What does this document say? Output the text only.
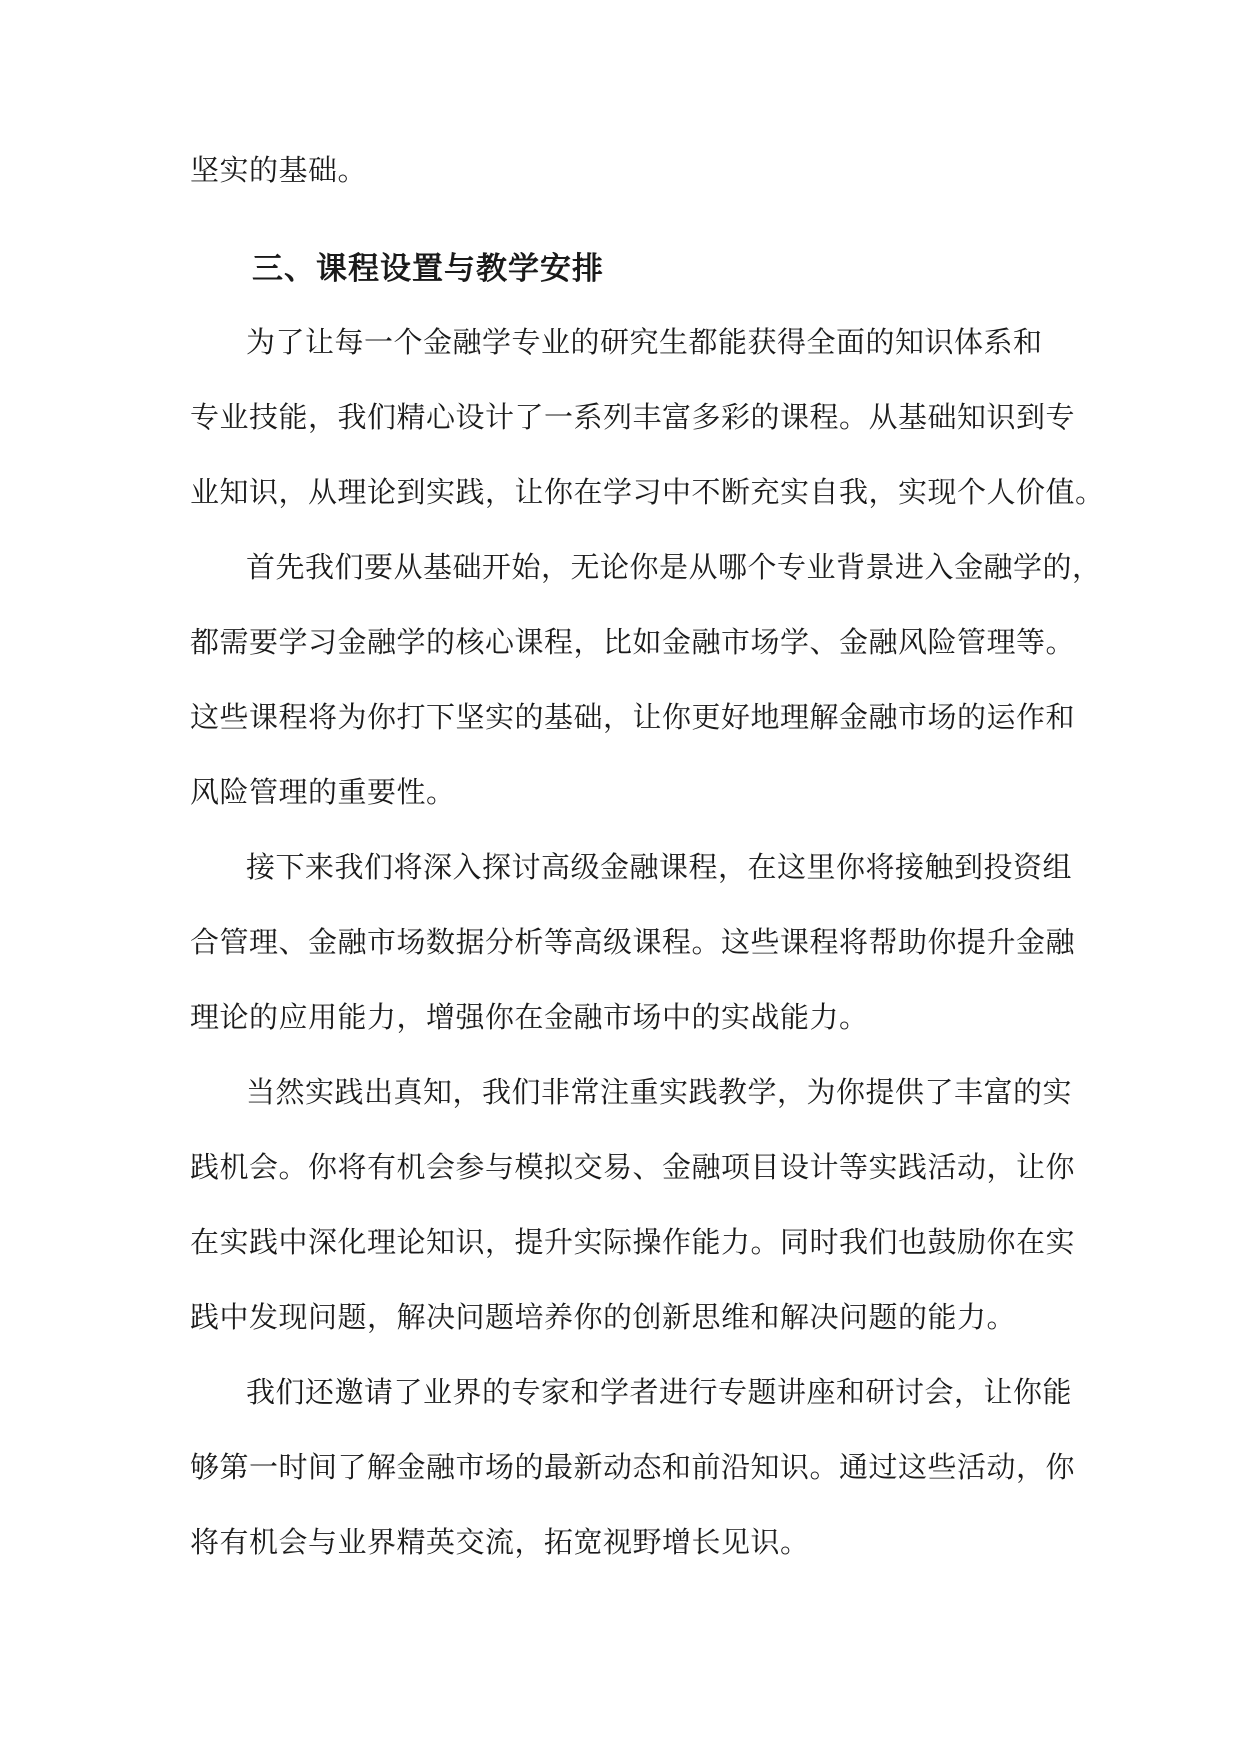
坚实的基础。
三、课程设置与教学安排
为了让每一个金融学专业的研究生都能获得全面的知识体系和
专业技能，我们精心设计了一系列丰富多彩的课程。从基础知识到专
业知识，从理论到实践，让你在学习中不断充实自我，实现个人价值。
首先我们要从基础开始，无论你是从哪个专业背景进入金融学的，
都需要学习金融学的核心课程，比如金融市场学、金融风险管理等。
这些课程将为你打下坚实的基础，让你更好地理解金融市场的运作和
风险管理的重要性。
接下来我们将深入探讨高级金融课程，在这里你将接触到投资组
合管理、金融市场数据分析等高级课程。这些课程将帮助你提升金融
理论的应用能力，增强你在金融市场中的实战能力。
当然实践出真知，我们非常注重实践教学，为你提供了丰富的实
践机会。你将有机会参与模拟交易、金融项目设计等实践活动，让你
在实践中深化理论知识，提升实际操作能力。同时我们也鼓励你在实
践中发现问题，解决问题培养你的创新思维和解决问题的能力。
我们还邀请了业界的专家和学者进行专题讲座和研讨会，让你能
够第一时间了解金融市场的最新动态和前沿知识。通过这些活动，你
将有机会与业界精英交流，拓宽视野增长见识。
